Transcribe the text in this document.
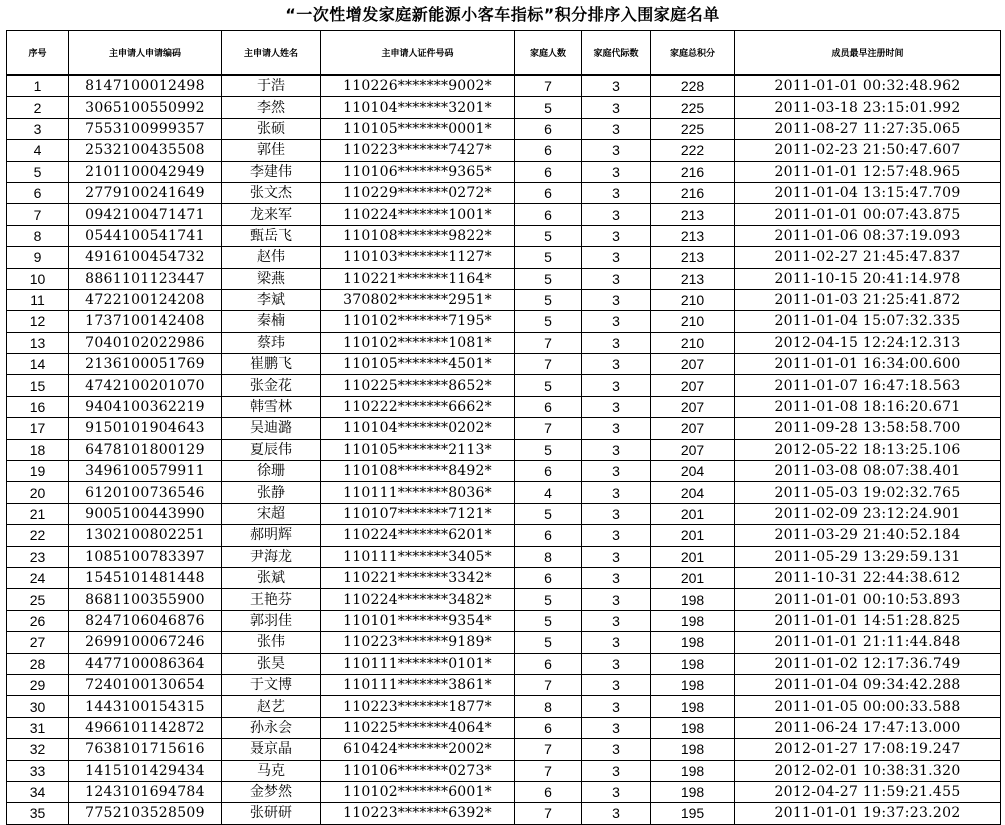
“一次性增发家庭新能源小客车指标”积分排序入围家庭名单
序号	主申请人申请编码	主申请人姓名	主申请人证件号码	家庭人数	家庭代际数	家庭总积分	成员最早注册时间
1	8147100012498	于浩	110226*******9002*	7	3	228	2011-01-01 00:32:48.962
2	3065100550992	李然	110104*******3201*	5	3	225	2011-03-18 23:15:01.992
3	7553100999357	张硕	110105*******0001*	6	3	225	2011-08-27 11:27:35.065
4	2532100435508	郭佳	110223*******7427*	6	3	222	2011-02-23 21:50:47.607
5	2101100042949	李建伟	110106*******9365*	6	3	216	2011-01-01 12:57:48.965
6	2779100241649	张文杰	110229*******0272*	6	3	216	2011-01-04 13:15:47.709
7	0942100471471	龙来军	110224*******1001*	6	3	213	2011-01-01 00:07:43.875
8	0544100541741	甄岳飞	110108*******9822*	5	3	213	2011-01-06 08:37:19.093
9	4916100454732	赵伟	110103*******1127*	5	3	213	2011-02-27 21:45:47.837
10	8861101123447	梁燕	110221*******1164*	5	3	213	2011-10-15 20:41:14.978
11	4722100124208	李斌	370802*******2951*	5	3	210	2011-01-03 21:25:41.872
12	1737100142408	秦楠	110102*******7195*	5	3	210	2011-01-04 15:07:32.335
13	7040102022986	蔡玮	110102*******1081*	7	3	210	2012-04-15 12:24:12.313
14	2136100051769	崔鹏飞	110105*******4501*	7	3	207	2011-01-01 16:34:00.600
15	4742100201070	张金花	110225*******8652*	5	3	207	2011-01-07 16:47:18.563
16	9404100362219	韩雪林	110222*******6662*	6	3	207	2011-01-08 18:16:20.671
17	9150101904643	吴迪潞	110104*******0202*	7	3	207	2011-09-28 13:58:58.700
18	6478101800129	夏辰伟	110105*******2113*	5	3	207	2012-05-22 18:13:25.106
19	3496100579911	徐珊	110108*******8492*	6	3	204	2011-03-08 08:07:38.401
20	6120100736546	张静	110111*******8036*	4	3	204	2011-05-03 19:02:32.765
21	9005100443990	宋超	110107*******7121*	5	3	201	2011-02-09 23:12:24.901
22	1302100802251	郝明辉	110224*******6201*	6	3	201	2011-03-29 21:40:52.184
23	1085100783397	尹海龙	110111*******3405*	8	3	201	2011-05-29 13:29:59.131
24	1545101481448	张斌	110221*******3342*	6	3	201	2011-10-31 22:44:38.612
25	8681100355900	王艳芬	110224*******3482*	5	3	198	2011-01-01 00:10:53.893
26	8247106046876	郭羽佳	110101*******9354*	5	3	198	2011-01-01 14:51:28.825
27	2699100067246	张伟	110223*******9189*	5	3	198	2011-01-01 21:11:44.848
28	4477100086364	张昊	110111*******0101*	6	3	198	2011-01-02 12:17:36.749
29	7240100130654	于文博	110111*******3861*	7	3	198	2011-01-04 09:34:42.288
30	1443100154315	赵艺	110223*******1877*	8	3	198	2011-01-05 00:00:33.588
31	4966101142872	孙永会	110225*******4064*	6	3	198	2011-06-24 17:47:13.000
32	7638101715616	聂京晶	610424*******2002*	7	3	198	2012-01-27 17:08:19.247
33	1415101429434	马克	110106*******0273*	7	3	198	2012-02-01 10:38:31.320
34	1243101694784	金梦然	110102*******6001*	6	3	198	2012-04-27 11:59:21.455
35	7752103528509	张研研	110223*******6392*	7	3	195	2011-01-01 19:37:23.202
